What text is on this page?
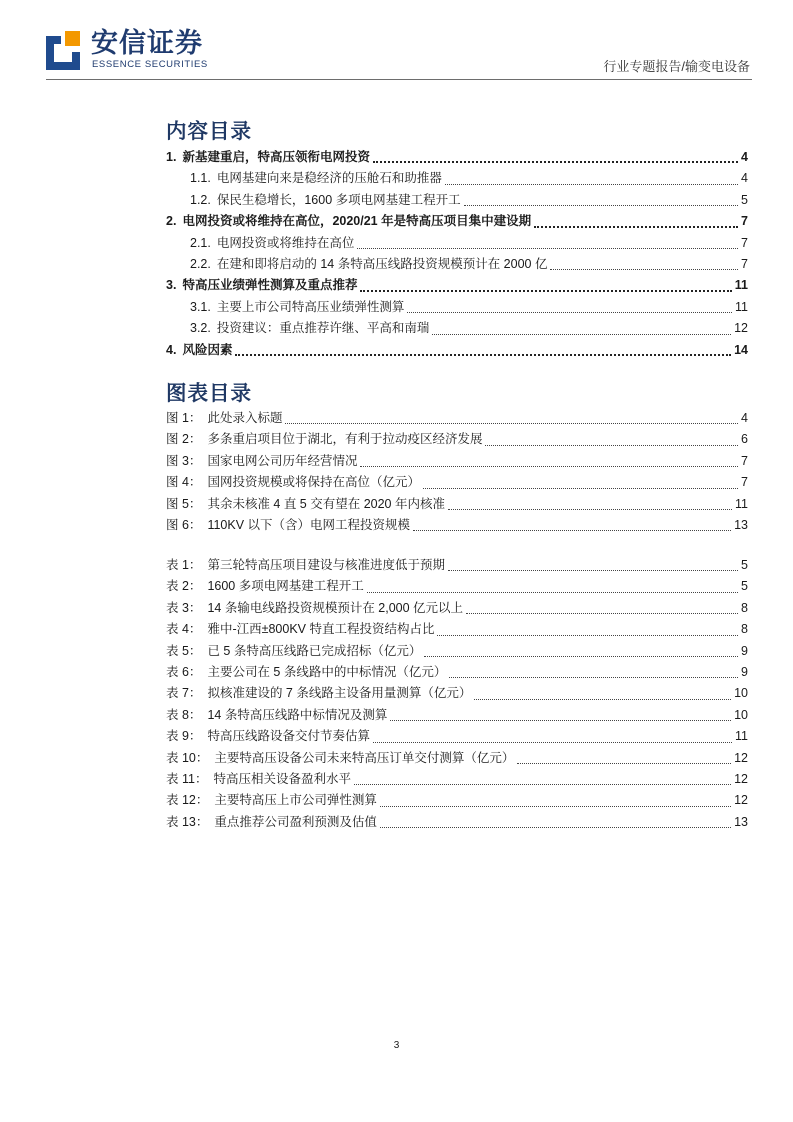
安信证券
ESSENCE SECURITIES	行业专题报告/输变电设备
内容目录
1. 新基建重启，特高压领衔电网投资	4
1.1. 电网基建向来是稳经济的压舱石和助推器	4
1.2. 保民生稳增长，1600 多项电网基建工程开工	5
2. 电网投资或将维持在高位，2020/21 年是特高压项目集中建设期	7
2.1. 电网投资或将维持在高位	7
2.2. 在建和即将启动的 14 条特高压线路投资规模预计在 2000 亿	7
3. 特高压业绩弹性测算及重点推荐	11
3.1. 主要上市公司特高压业绩弹性测算	11
3.2. 投资建议：重点推荐许继、平高和南瑞	12
4. 风险因素	14
图表目录
图 1： 此处录入标题	4
图 2： 多条重启项目位于湖北，有利于拉动疫区经济发展	6
图 3： 国家电网公司历年经营情况	7
图 4： 国网投资规模或将保持在高位（亿元）	7
图 5： 其余未核准 4 直 5 交有望在 2020 年内核准	11
图 6： 110KV 以下（含）电网工程投资规模	13
表 1： 第三轮特高压项目建设与核准进度低于预期	5
表 2： 1600 多项电网基建工程开工	5
表 3： 14 条输电线路投资规模预计在 2,000 亿元以上	8
表 4： 雅中-江西±800KV 特直工程投资结构占比	8
表 5： 已 5 条特高压线路已完成招标（亿元）	9
表 6： 主要公司在 5 条线路中的中标情况（亿元）	9
表 7： 拟核准建设的 7 条线路主设备用量测算（亿元）	10
表 8： 14 条特高压线路中标情况及测算	10
表 9： 特高压线路设备交付节奏估算	11
表 10： 主要特高压设备公司未来特高压订单交付测算（亿元）	12
表 11： 特高压相关设备盈利水平	12
表 12： 主要特高压上市公司弹性测算	12
表 13： 重点推荐公司盈利预测及估值	13
3
